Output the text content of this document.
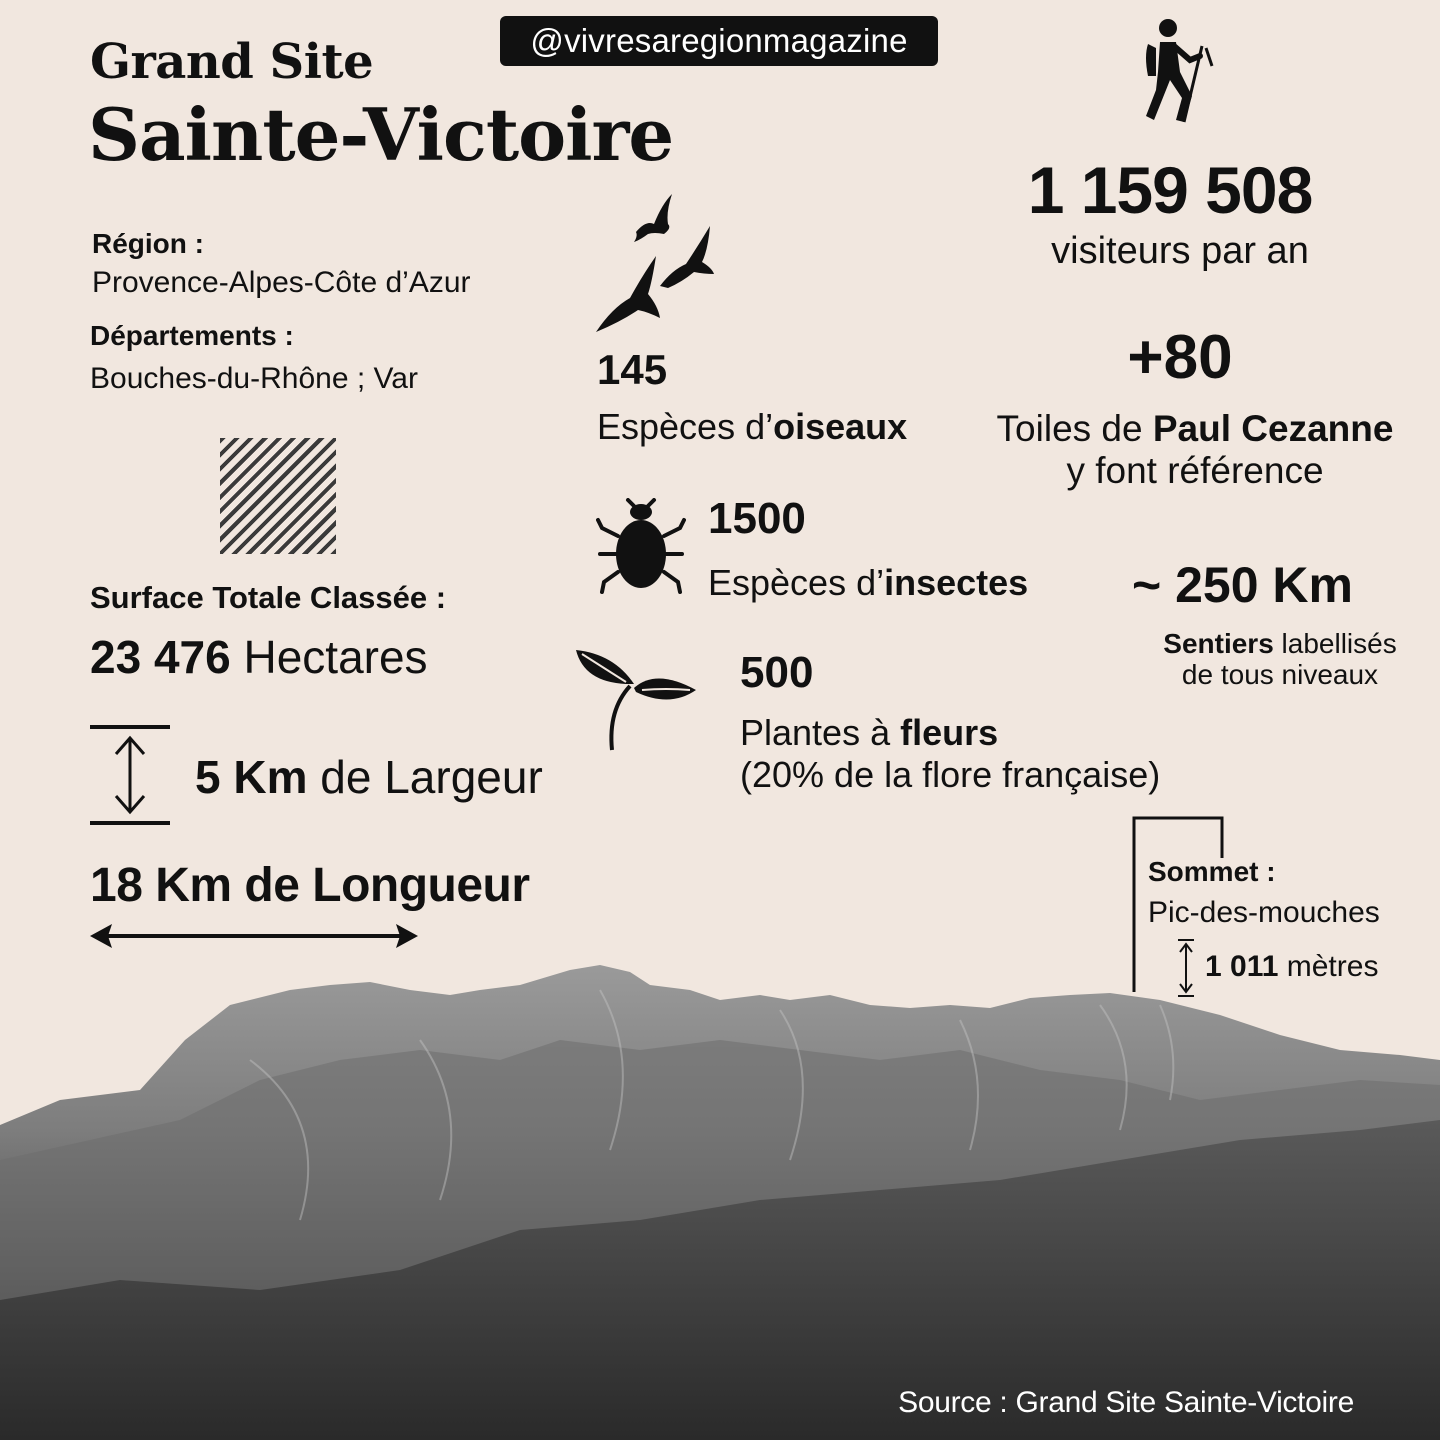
@vivresaregionmagazine
Grand Site
Sainte-Victoire
Région :
Provence-Alpes-Côte d’Azur
Départements :
Bouches-du-Rhône ; Var
Surface Totale Classée :
23 476 Hectares
5 Km de Largeur
18 Km de Longueur
1 159 508
visiteurs par an
+80
Toiles de Paul Cezanne
y font référence
145
Espèces d’oiseaux
1500
Espèces d’insectes ~ 250 Km
Sentiers labellisés
de tous niveaux
500
Plantes à fleurs
(20% de la flore française)
Sommet :
Pic-des-mouches
1 011 mètres
Source : Grand Site Sainte-Victoire
